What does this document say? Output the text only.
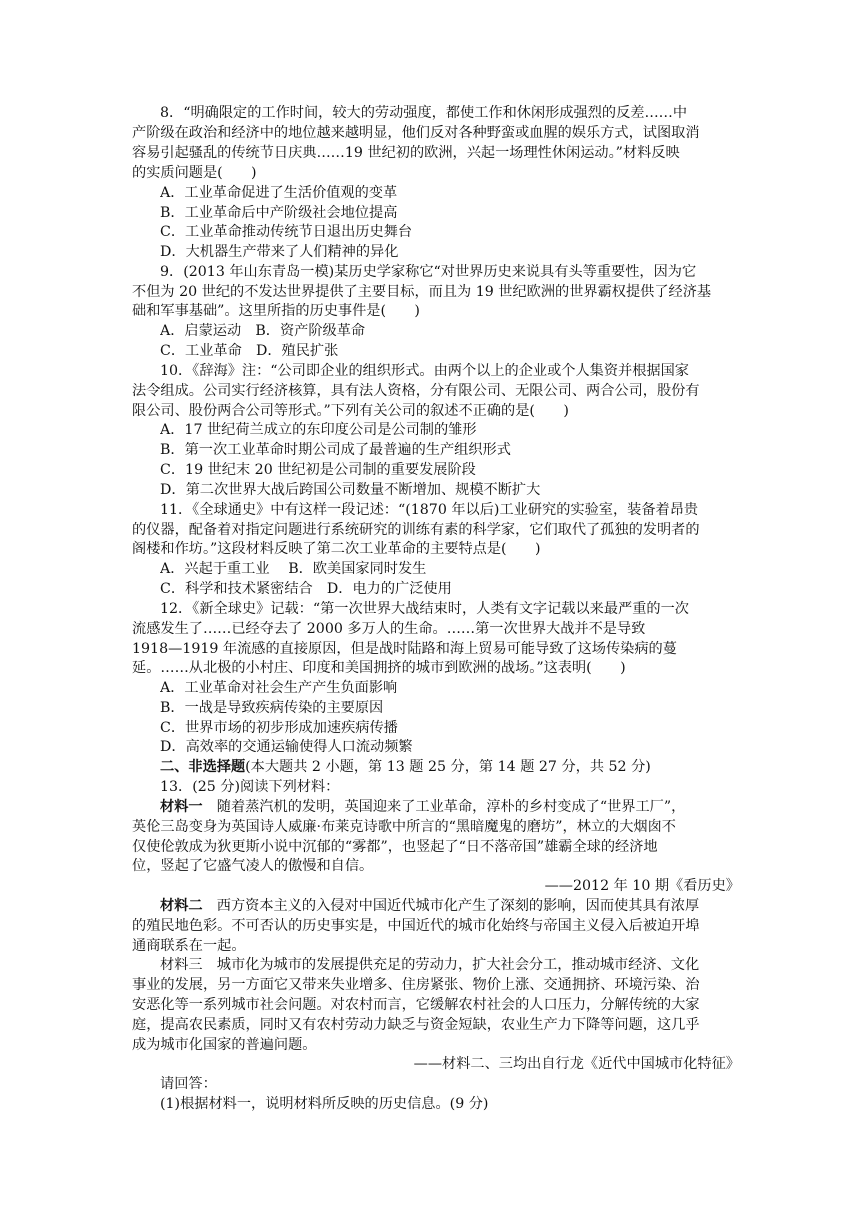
8．“明确限定的工作时间，较大的劳动强度，都使工作和休闲形成强烈的反差……中
产阶级在政治和经济中的地位越来越明显，他们反对各种野蛮或血腥的娱乐方式，试图取消
容易引起骚乱的传统节日庆典……19 世纪初的欧洲，兴起一场理性休闲运动。”材料反映
的实质问题是(　　)
A．工业革命促进了生活价值观的变革
B．工业革命后中产阶级社会地位提高
C．工业革命推动传统节日退出历史舞台
D．大机器生产带来了人们精神的异化
9．(2013 年山东青岛一模)某历史学家称它“对世界历史来说具有头等重要性，因为它
不但为 20 世纪的不发达世界提供了主要目标，而且为 19 世纪欧洲的世界霸权提供了经济基
础和军事基础”。这里所指的历史事件是(　　)
A．启蒙运动　B．资产阶级革命
C．工业革命　D．殖民扩张
10．《辞海》注：“公司即企业的组织形式。由两个以上的企业或个人集资并根据国家
法令组成。公司实行经济核算，具有法人资格，分有限公司、无限公司、两合公司，股份有
限公司、股份两合公司等形式。”下列有关公司的叙述不正确的是(　　)
A．17 世纪荷兰成立的东印度公司是公司制的雏形
B．第一次工业革命时期公司成了最普遍的生产组织形式
C．19 世纪末 20 世纪初是公司制的重要发展阶段
D．第二次世界大战后跨国公司数量不断增加、规模不断扩大
11．《全球通史》中有这样一段记述：“(1870 年以后)工业研究的实验室，装备着昂贵
的仪器，配备着对指定问题进行系统研究的训练有素的科学家，它们取代了孤独的发明者的
阁楼和作坊。”这段材料反映了第二次工业革命的主要特点是(　　)
A．兴起于重工业　 B．欧美国家同时发生
C．科学和技术紧密结合　D．电力的广泛使用
12．《新全球史》记载：“第一次世界大战结束时，人类有文字记载以来最严重的一次
流感发生了……已经夺去了 2000 多万人的生命。……第一次世界大战并不是导致
1918—1919 年流感的直接原因，但是战时陆路和海上贸易可能导致了这场传染病的蔓
延。……从北极的小村庄、印度和美国拥挤的城市到欧洲的战场。”这表明(　　)
A．工业革命对社会生产产生负面影响
B．一战是导致疾病传染的主要原因
C．世界市场的初步形成加速疾病传播
D．高效率的交通运输使得人口流动频繁
二、非选择题(本大题共 2 小题，第 13 题 25 分，第 14 题 27 分，共 52 分)
13．(25 分)阅读下列材料：
材料一　随着蒸汽机的发明，英国迎来了工业革命，淳朴的乡村变成了“世界工厂”，
英伦三岛变身为英国诗人威廉·布莱克诗歌中所言的“黑暗魔鬼的磨坊”，林立的大烟囱不
仅使伦敦成为狄更斯小说中沉郁的“雾都”，也竖起了“日不落帝国”雄霸全球的经济地
位，竖起了它盛气凌人的傲慢和自信。
——2012 年 10 期《看历史》
材料二　西方资本主义的入侵对中国近代城市化产生了深刻的影响，因而使其具有浓厚
的殖民地色彩。不可否认的历史事实是，中国近代的城市化始终与帝国主义侵入后被迫开埠
通商联系在一起。
材料三　城市化为城市的发展提供充足的劳动力，扩大社会分工，推动城市经济、文化
事业的发展，另一方面它又带来失业增多、住房紧张、物价上涨、交通拥挤、环境污染、治
安恶化等一系列城市社会问题。对农村而言，它缓解农村社会的人口压力，分解传统的大家
庭，提高农民素质，同时又有农村劳动力缺乏与资金短缺，农业生产力下降等问题，这几乎
成为城市化国家的普遍问题。
——材料二、三均出自行龙《近代中国城市化特征》
请回答：
(1)根据材料一，说明材料所反映的历史信息。(9 分)
